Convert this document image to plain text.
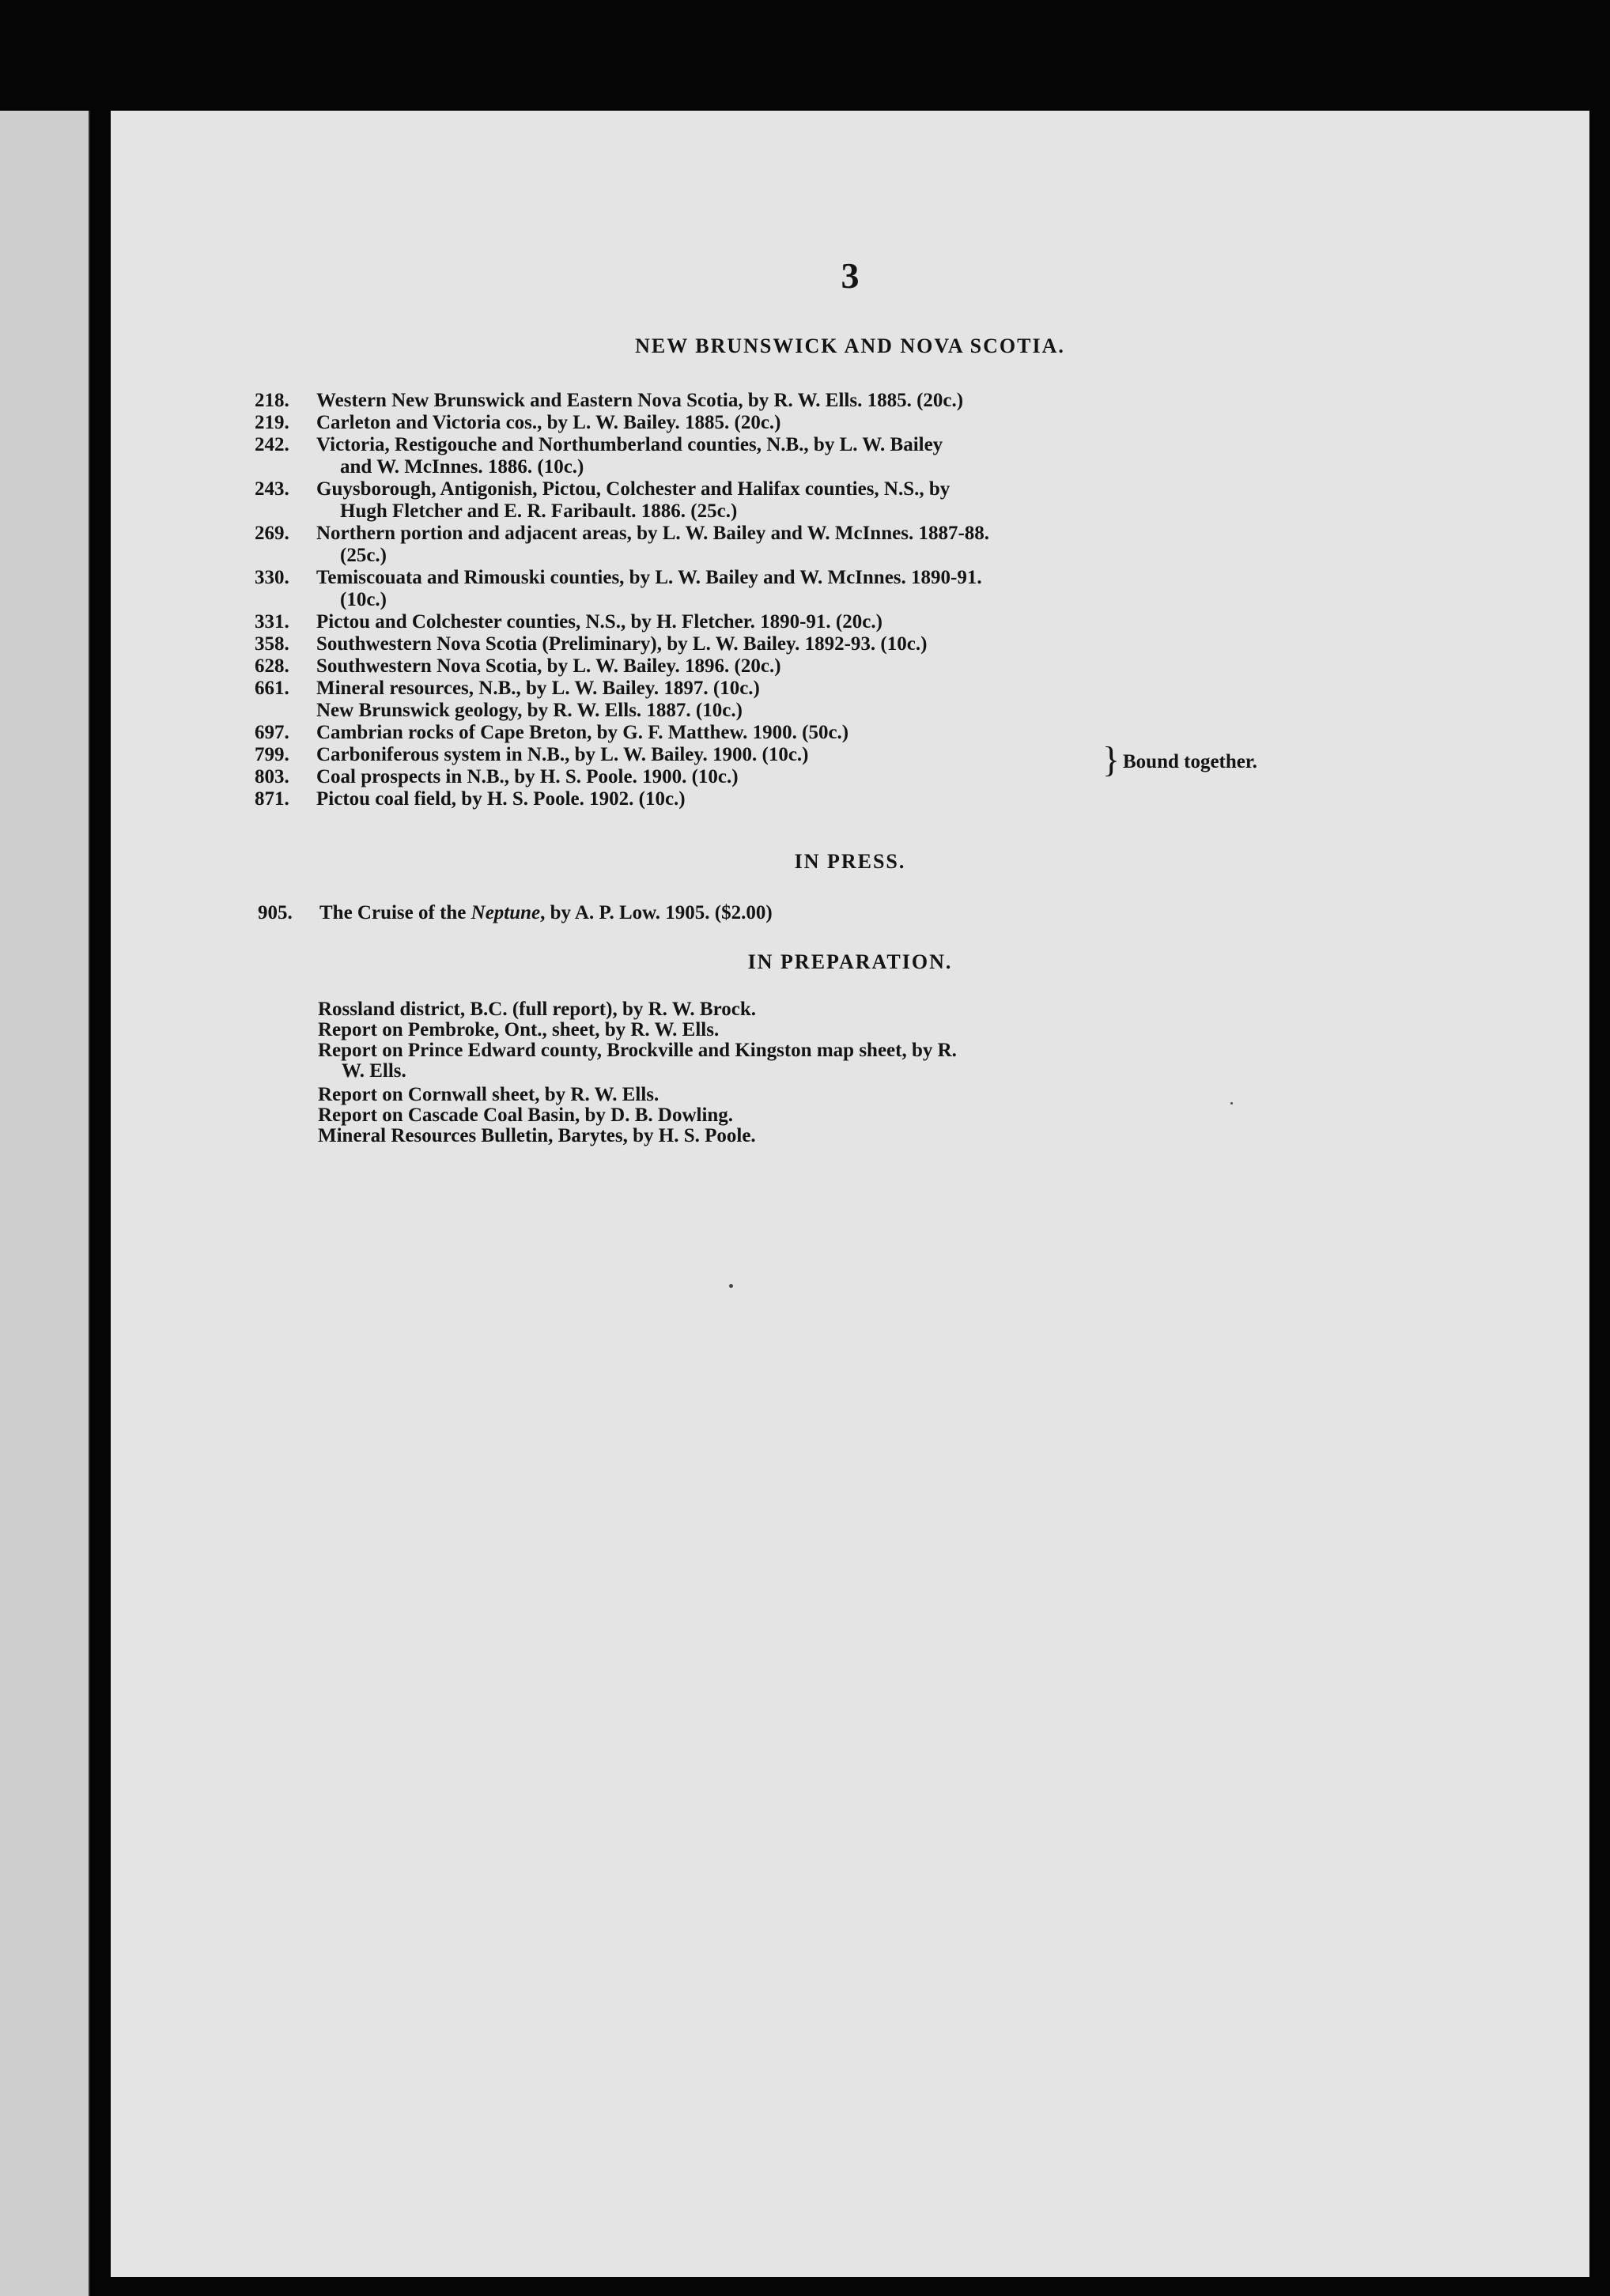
3
NEW BRUNSWICK AND NOVA SCOTIA.
218.	Western New Brunswick and Eastern Nova Scotia, by R. W. Ells. 1885. (20c.)
219.	Carleton and Victoria cos., by L. W. Bailey. 1885. (20c.)
242.	Victoria, Restigouche and Northumberland counties, N.B., by L. W. Bailey
and W. McInnes. 1886. (10c.)
243.	Guysborough, Antigonish, Pictou, Colchester and Halifax counties, N.S., by
Hugh Fletcher and E. R. Faribault. 1886. (25c.)
269.	Northern portion and adjacent areas, by L. W. Bailey and W. McInnes. 1887-88.
(25c.)
330.	Temiscouata and Rimouski counties, by L. W. Bailey and W. McInnes. 1890-91.
(10c.)
331.	Pictou and Colchester counties, N.S., by H. Fletcher. 1890-91. (20c.)
358.	Southwestern Nova Scotia (Preliminary), by L. W. Bailey. 1892-93. (10c.)
628.	Southwestern Nova Scotia, by L. W. Bailey. 1896. (20c.)
661.	Mineral resources, N.B., by L. W. Bailey. 1897. (10c.)
New Brunswick geology, by R. W. Ells. 1887. (10c.)
697.	Cambrian rocks of Cape Breton, by G. F. Matthew. 1900. (50c.)
799.	Carboniferous system in N.B., by L. W. Bailey. 1900. (10c.)
803.	Coal prospects in N.B., by H. S. Poole. 1900. (10c.)
871.	Pictou coal field, by H. S. Poole. 1902. (10c.)
} Bound together.
IN PRESS.
905.	The Cruise of the Neptune, by A. P. Low. 1905. ($2.00)
IN PREPARATION.
Rossland district, B.C. (full report), by R. W. Brock.
Report on Pembroke, Ont., sheet, by R. W. Ells.
Report on Prince Edward county, Brockville and Kingston map sheet, by R.
W. Ells.
Report on Cornwall sheet, by R. W. Ells.
Report on Cascade Coal Basin, by D. B. Dowling.
Mineral Resources Bulletin, Barytes, by H. S. Poole.
